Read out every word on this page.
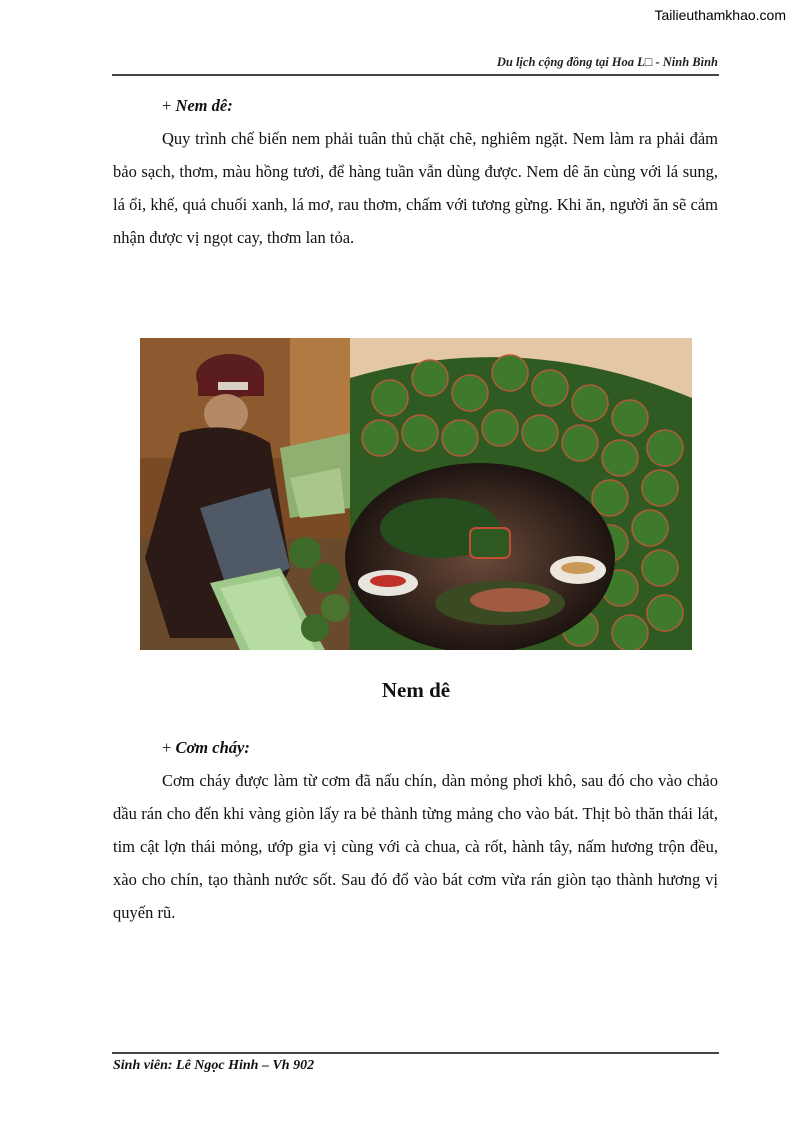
Tailieuthamkhao.com
Du lịch cộng đồng tại Hoa L□ - Ninh Bình

+ Nem dê:

Quy trình chế biến nem phải tuân thủ chặt chẽ, nghiêm ngặt. Nem làm ra phải đảm bảo sạch, thơm, màu hồng tươi, để hàng tuần vẫn dùng được. Nem dê ăn cùng với lá sung, lá ổi, khế, quả chuối xanh, lá mơ, rau thơm, chấm với tương gừng. Khi ăn, người ăn sẽ cảm nhận được vị ngọt cay, thơm lan tỏa.

Nem dê

+ Cơm cháy:

Cơm cháy được làm từ cơm đã nấu chín, dàn mỏng phơi khô, sau đó cho vào chảo dầu rán cho đến khi vàng giòn lấy ra bẻ thành từng mảng cho vào bát. Thịt bò thăn thái lát, tim cật lợn thái mỏng, ướp gia vị cùng với cà chua, cà rốt, hành tây, nấm hương trộn đều, xào cho chín, tạo thành nước sốt. Sau đó đổ vào bát cơm vừa rán giòn tạo thành hương vị quyến rũ.

Sinh viên: Lê Ngọc Hinh – Vh 902
